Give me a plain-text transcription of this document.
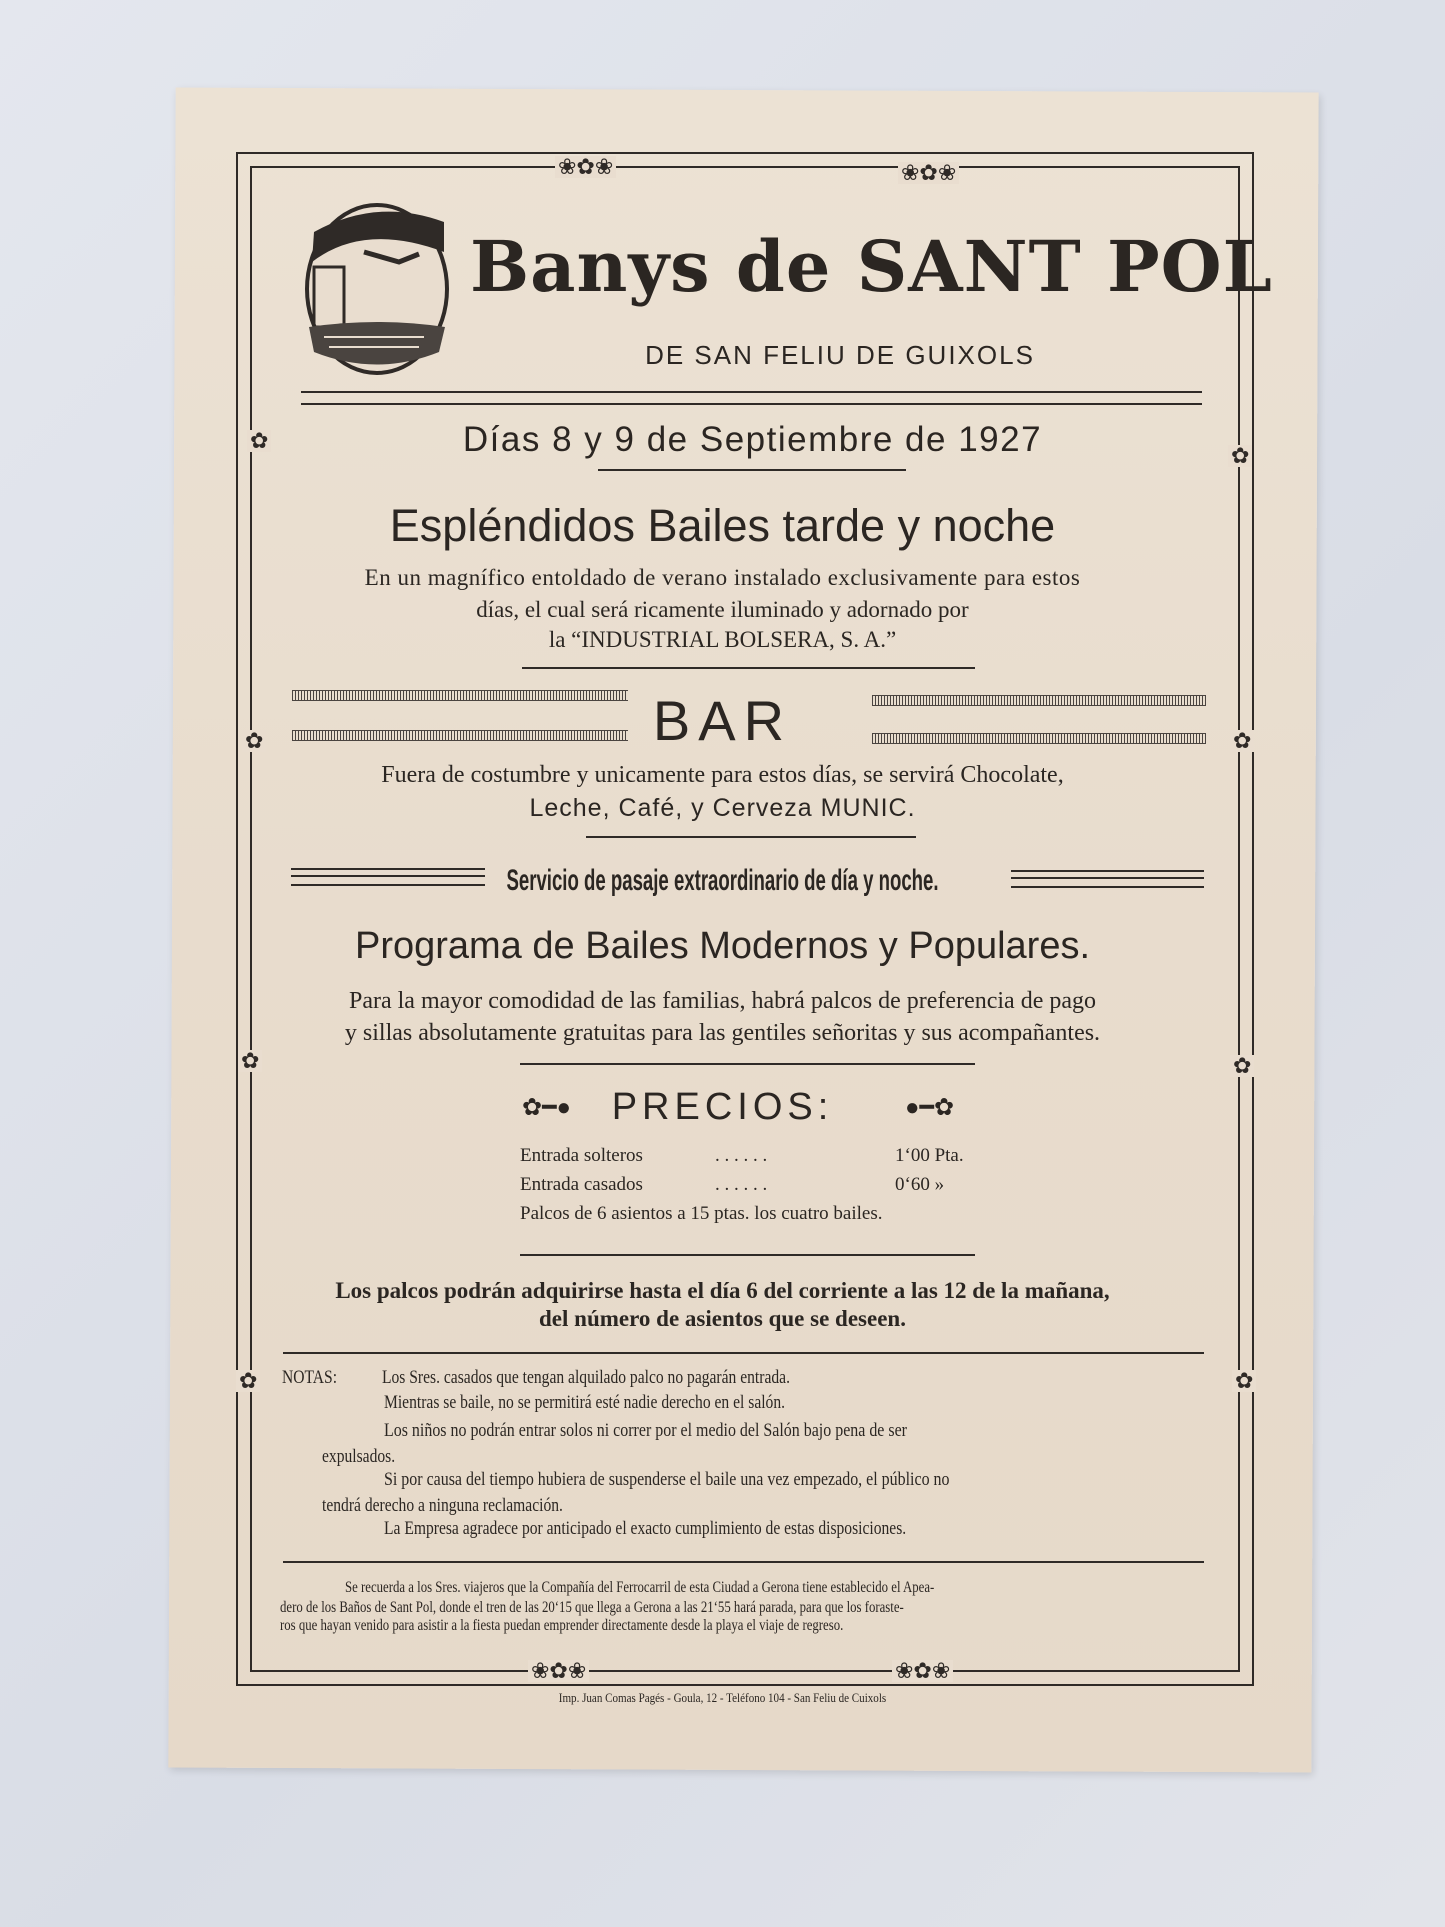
❀✿❀	❀✿❀
❀✿❀	❀✿❀
✿
✿
✿	✿
✿	✿
✿	✿
Banys de SANT POL
DE SAN FELIU DE GUIXOLS
Días 8 y 9 de Septiembre de 1927
Espléndidos Bailes tarde y noche
En un magnífico entoldado de verano instalado exclusivamente para estos
días, el cual será ricamente iluminado y adornado por
la “INDUSTRIAL BOLSERA, S. A.”
BAR
Fuera de costumbre y unicamente para estos días, se servirá Chocolate,
Leche, Café, y Cerveza MUNIC.
Servicio de pasaje extraordinario de día y noche.
Programa de Bailes Modernos y Populares.
Para la mayor comodidad de las familias, habrá palcos de preferencia de pago
y sillas absolutamente gratuitas para las gentiles señoritas y sus acompañantes.
✿━●	●━✿
PRECIOS:
Entrada solteros	. . . . . .	1‘00 Pta.
Entrada casados	. . . . . .	0‘60 »
Palcos de 6 asientos a 15 ptas. los cuatro bailes.
Los palcos podrán adquirirse hasta el día 6 del corriente a las 12 de la mañana,
del número de asientos que se deseen.
NOTAS: Los Sres. casados que tengan alquilado palco no pagarán entrada.
Mientras se baile, no se permitirá esté nadie derecho en el salón.
Los niños no podrán entrar solos ni correr por el medio del Salón bajo pena de ser
expulsados.
Si por causa del tiempo hubiera de suspenderse el baile una vez empezado, el público no
tendrá derecho a ninguna reclamación.
La Empresa agradece por anticipado el exacto cumplimiento de estas disposiciones.
Se recuerda a los Sres. viajeros que la Compañía del Ferrocarril de esta Ciudad a Gerona tiene establecido el Apea-
dero de los Baños de Sant Pol, donde el tren de las 20‘15 que llega a Gerona a las 21‘55 hará parada, para que los foraste-
ros que hayan venido para asistir a la fiesta puedan emprender directamente desde la playa el viaje de regreso.
Imp. Juan Comas Pagés - Goula, 12 - Teléfono 104 - San Feliu de Cuixols
